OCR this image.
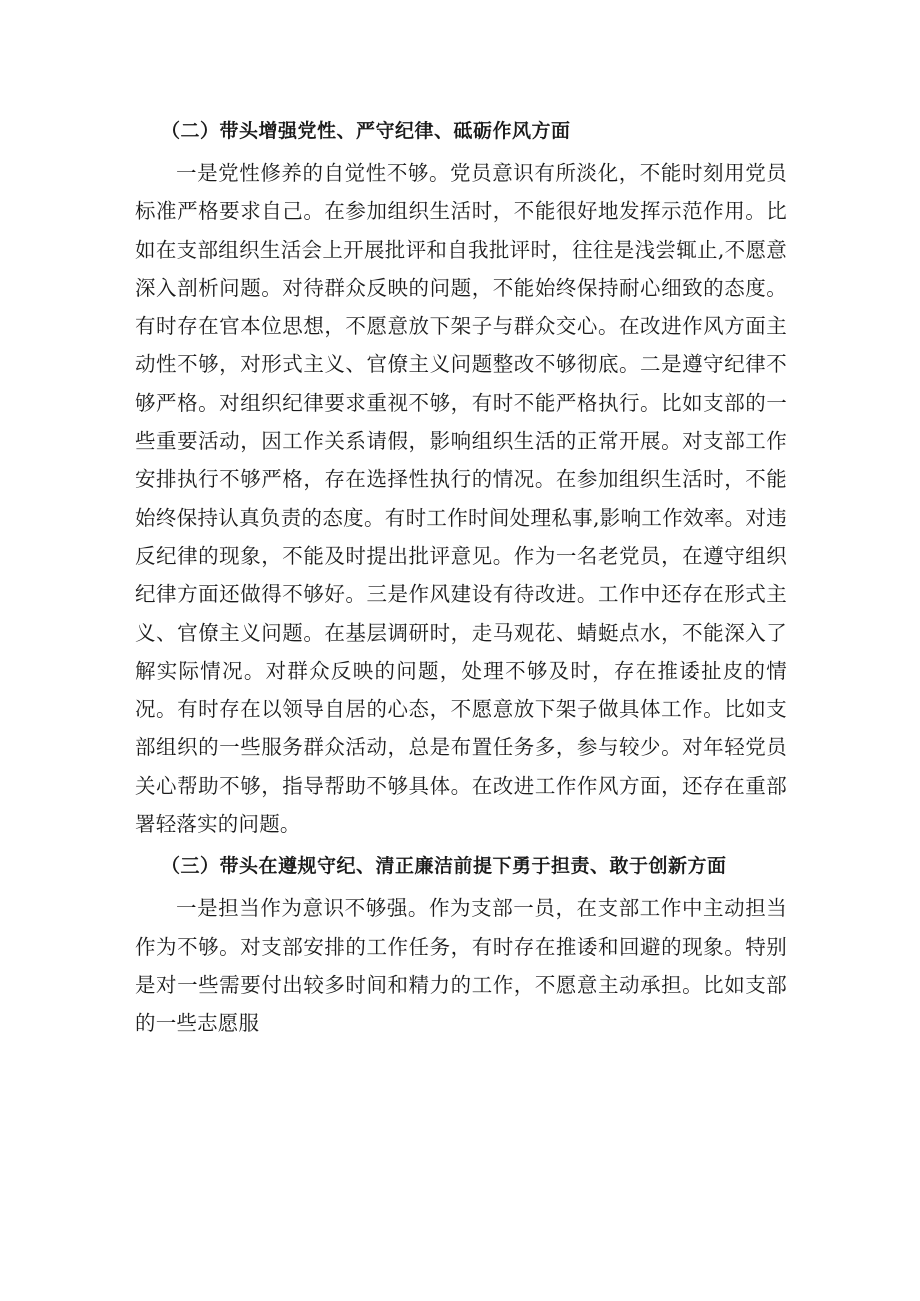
（二）带头增强党性、严守纪律、砥砺作风方面

一是党性修养的自觉性不够。党员意识有所淡化，不能时刻用党员标准严格要求自己。在参加组织生活时，不能很好地发挥示范作用。比如在支部组织生活会上开展批评和自我批评时，往往是浅尝辄止,不愿意深入剖析问题。对待群众反映的问题，不能始终保持耐心细致的态度。有时存在官本位思想，不愿意放下架子与群众交心。在改进作风方面主动性不够，对形式主义、官僚主义问题整改不够彻底。二是遵守纪律不够严格。对组织纪律要求重视不够，有时不能严格执行。比如支部的一些重要活动，因工作关系请假，影响组织生活的正常开展。对支部工作安排执行不够严格，存在选择性执行的情况。在参加组织生活时，不能始终保持认真负责的态度。有时工作时间处理私事,影响工作效率。对违反纪律的现象，不能及时提出批评意见。作为一名老党员，在遵守组织纪律方面还做得不够好。三是作风建设有待改进。工作中还存在形式主义、官僚主义问题。在基层调研时，走马观花、蜻蜓点水，不能深入了解实际情况。对群众反映的问题，处理不够及时，存在推诿扯皮的情况。有时存在以领导自居的心态，不愿意放下架子做具体工作。比如支部组织的一些服务群众活动，总是布置任务多，参与较少。对年轻党员关心帮助不够，指导帮助不够具体。在改进工作作风方面，还存在重部署轻落实的问题。

（三）带头在遵规守纪、清正廉洁前提下勇于担责、敢于创新方面

一是担当作为意识不够强。作为支部一员，在支部工作中主动担当作为不够。对支部安排的工作任务，有时存在推诿和回避的现象。特别是对一些需要付出较多时间和精力的工作，不愿意主动承担。比如支部的一些志愿服
